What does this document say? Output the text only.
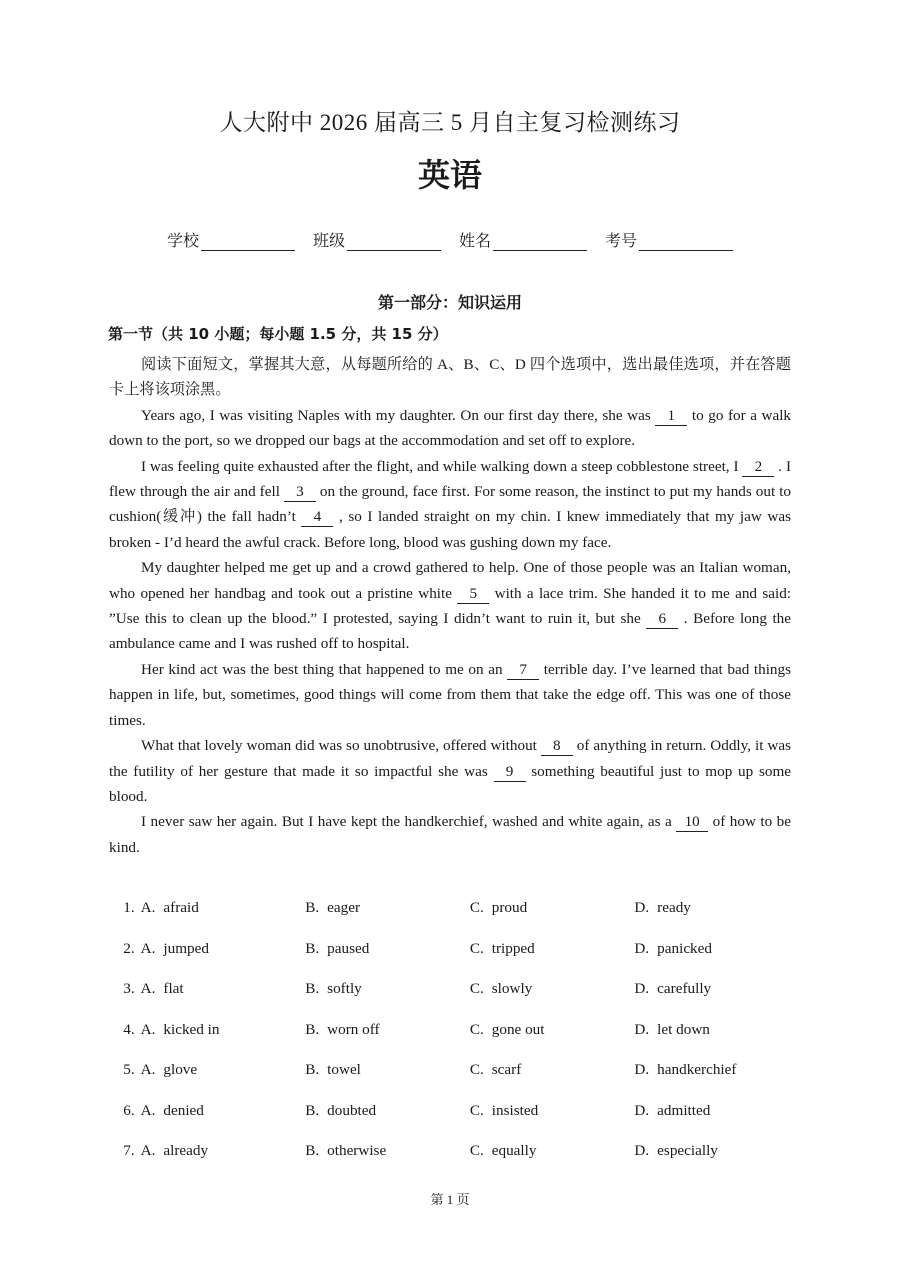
人大附中 2026 届高三 5 月自主复习检测练习
英语
学校	班级	姓名	考号
第一部分：知识运用
第一节（共 10 小题；每小题 1.5 分，共 15 分）

阅读下面短文，掌握其大意，从每题所给的 A、B、C、D 四个选项中，选出最佳选项，并在答题卡上将该项涂黑。

Years ago, I was visiting Naples with my daughter. On our first day there, she was 1 to go for a walk down to the port, so we dropped our bags at the accommodation and set off to explore.

I was feeling quite exhausted after the flight, and while walking down a steep cobblestone street, I 2 . I flew through the air and fell 3 on the ground, face first. For some reason, the instinct to put my hands out to cushion(缓冲) the fall hadn’t 4 , so I landed straight on my chin. I knew immediately that my jaw was broken - I’d heard the awful crack. Before long, blood was gushing down my face.

My daughter helped me get up and a crowd gathered to help. One of those people was an Italian woman, who opened her handbag and took out a pristine white 5 with a lace trim. She handed it to me and said: ”Use this to clean up the blood.” I protested, saying I didn’t want to ruin it, but she 6 . Before long the ambulance came and I was rushed off to hospital.

Her kind act was the best thing that happened to me on an 7 terrible day. I’ve learned that bad things happen in life, but, sometimes, good things will come from them that take the edge off. This was one of those times.

What that lovely woman did was so unobtrusive, offered without 8 of anything in return. Oddly, it was the futility of her gesture that made it so impactful she was 9 something beautiful just to mop up some blood.

I never saw her again. But I have kept the handkerchief, washed and white again, as a 10 of how to be kind.

1. A. afraid	B. eager	C. proud	D. ready
2. A. jumped	B. paused	C. tripped	D. panicked
3. A. flat	B. softly	C. slowly	D. carefully
4. A. kicked in	B. worn off	C. gone out	D. let down
5. A. glove	B. towel	C. scarf	D. handkerchief
6. A. denied	B. doubted	C. insisted	D. admitted
7. A. already	B. otherwise	C. equally	D. especially
第 1 页
